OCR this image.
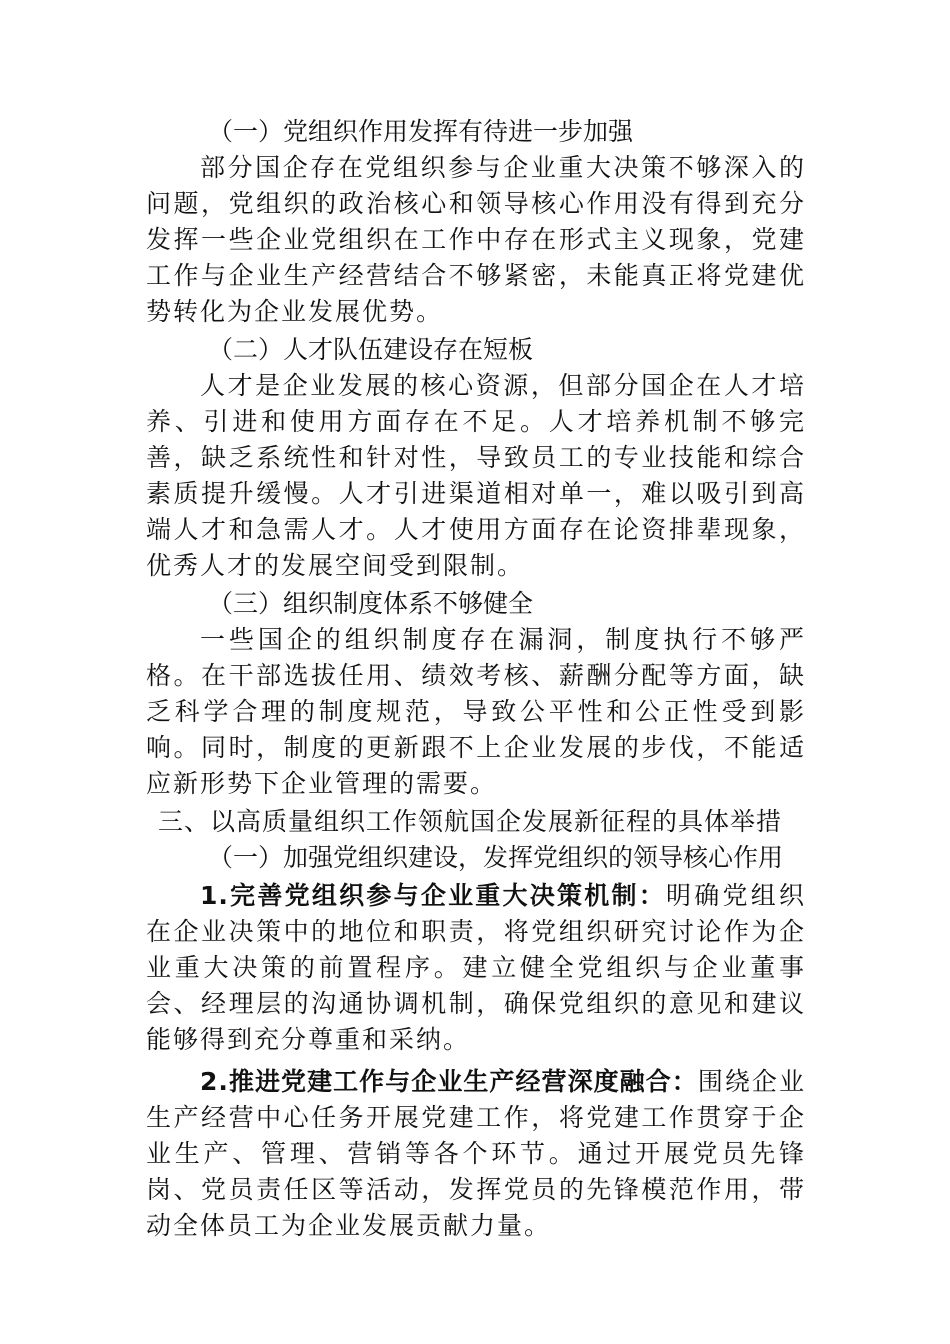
（一）党组织作用发挥有待进一步加强

部分国企存在党组织参与企业重大决策不够深入的问题，党组织的政治核心和领导核心作用没有得到充分发挥一些企业党组织在工作中存在形式主义现象，党建工作与企业生产经营结合不够紧密，未能真正将党建优势转化为企业发展优势。

（二）人才队伍建设存在短板

人才是企业发展的核心资源，但部分国企在人才培养、引进和使用方面存在不足。人才培养机制不够完善，缺乏系统性和针对性，导致员工的专业技能和综合素质提升缓慢。人才引进渠道相对单一，难以吸引到高端人才和急需人才。人才使用方面存在论资排辈现象，优秀人才的发展空间受到限制。

（三）组织制度体系不够健全

一些国企的组织制度存在漏洞，制度执行不够严格。在干部选拔任用、绩效考核、薪酬分配等方面，缺乏科学合理的制度规范，导致公平性和公正性受到影响。同时，制度的更新跟不上企业发展的步伐，不能适应新形势下企业管理的需要。

三、以高质量组织工作领航国企发展新征程的具体举措

（一）加强党组织建设，发挥党组织的领导核心作用

1.完善党组织参与企业重大决策机制：明确党组织在企业决策中的地位和职责，将党组织研究讨论作为企业重大决策的前置程序。建立健全党组织与企业董事会、经理层的沟通协调机制，确保党组织的意见和建议能够得到充分尊重和采纳。

2.推进党建工作与企业生产经营深度融合：围绕企业生产经营中心任务开展党建工作，将党建工作贯穿于企业生产、管理、营销等各个环节。通过开展党员先锋岗、党员责任区等活动，发挥党员的先锋模范作用，带动全体员工为企业发展贡献力量。
